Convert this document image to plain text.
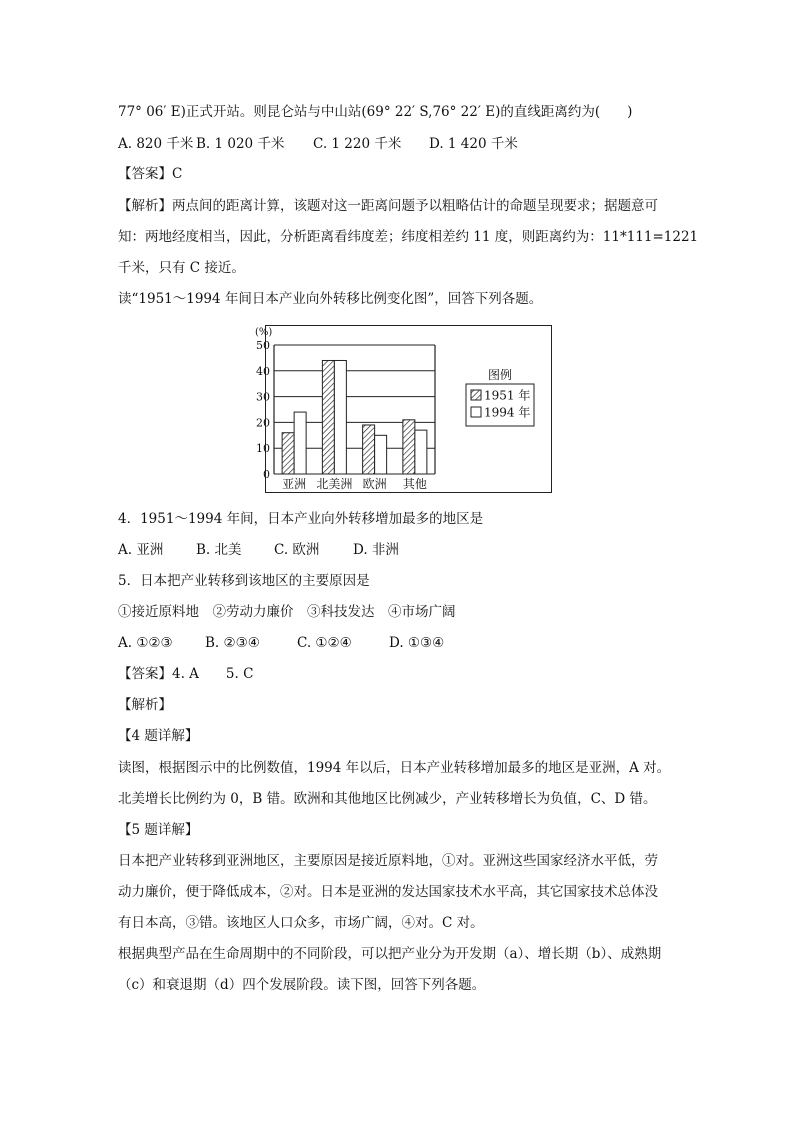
77° 06′ E)正式开站。则昆仑站与中山站(69° 22′ S,76° 22′ E)的直线距离约为(　　)
A. 820 千米 B. 1 020 千米 C. 1 220 千米 D. 1 420 千米
【答案】C
【解析】两点间的距离计算，该题对这一距离问题予以粗略估计的命题呈现要求；据题意可
知：两地经度相当，因此，分析距离看纬度差；纬度相差约 11 度，则距离约为：11*111=1221
千米，只有 C 接近。
读“1951～1994 年间日本产业向外转移比例变化图”，回答下列各题。
(%)
0
10
20
30
40
50
亚洲 北美洲 欧洲 其他
图例
1951 年
1994 年
4．1951～1994 年间，日本产业向外转移增加最多的地区是
A. 亚洲 B. 北美 C. 欧洲 D. 非洲
5．日本把产业转移到该地区的主要原因是
①接近原料地　②劳动力廉价　③科技发达　④市场广阔
A. ①②③ B. ②③④	C. ①②④	D. ①③④
【答案】4. A　　5. C
【解析】
【4 题详解】
读图，根据图示中的比例数值，1994 年以后，日本产业转移增加最多的地区是亚洲，A 对。
北美增长比例约为 0，B 错。欧洲和其他地区比例减少，产业转移增长为负值，C、D 错。
【5 题详解】
日本把产业转移到亚洲地区，主要原因是接近原料地，①对。亚洲这些国家经济水平低，劳
动力廉价，便于降低成本，②对。日本是亚洲的发达国家技术水平高，其它国家技术总体没
有日本高，③错。该地区人口众多，市场广阔，④对。C 对。
根据典型产品在生命周期中的不同阶段，可以把产业分为开发期（a）、增长期（b）、成熟期
（c）和衰退期（d）四个发展阶段。读下图，回答下列各题。
